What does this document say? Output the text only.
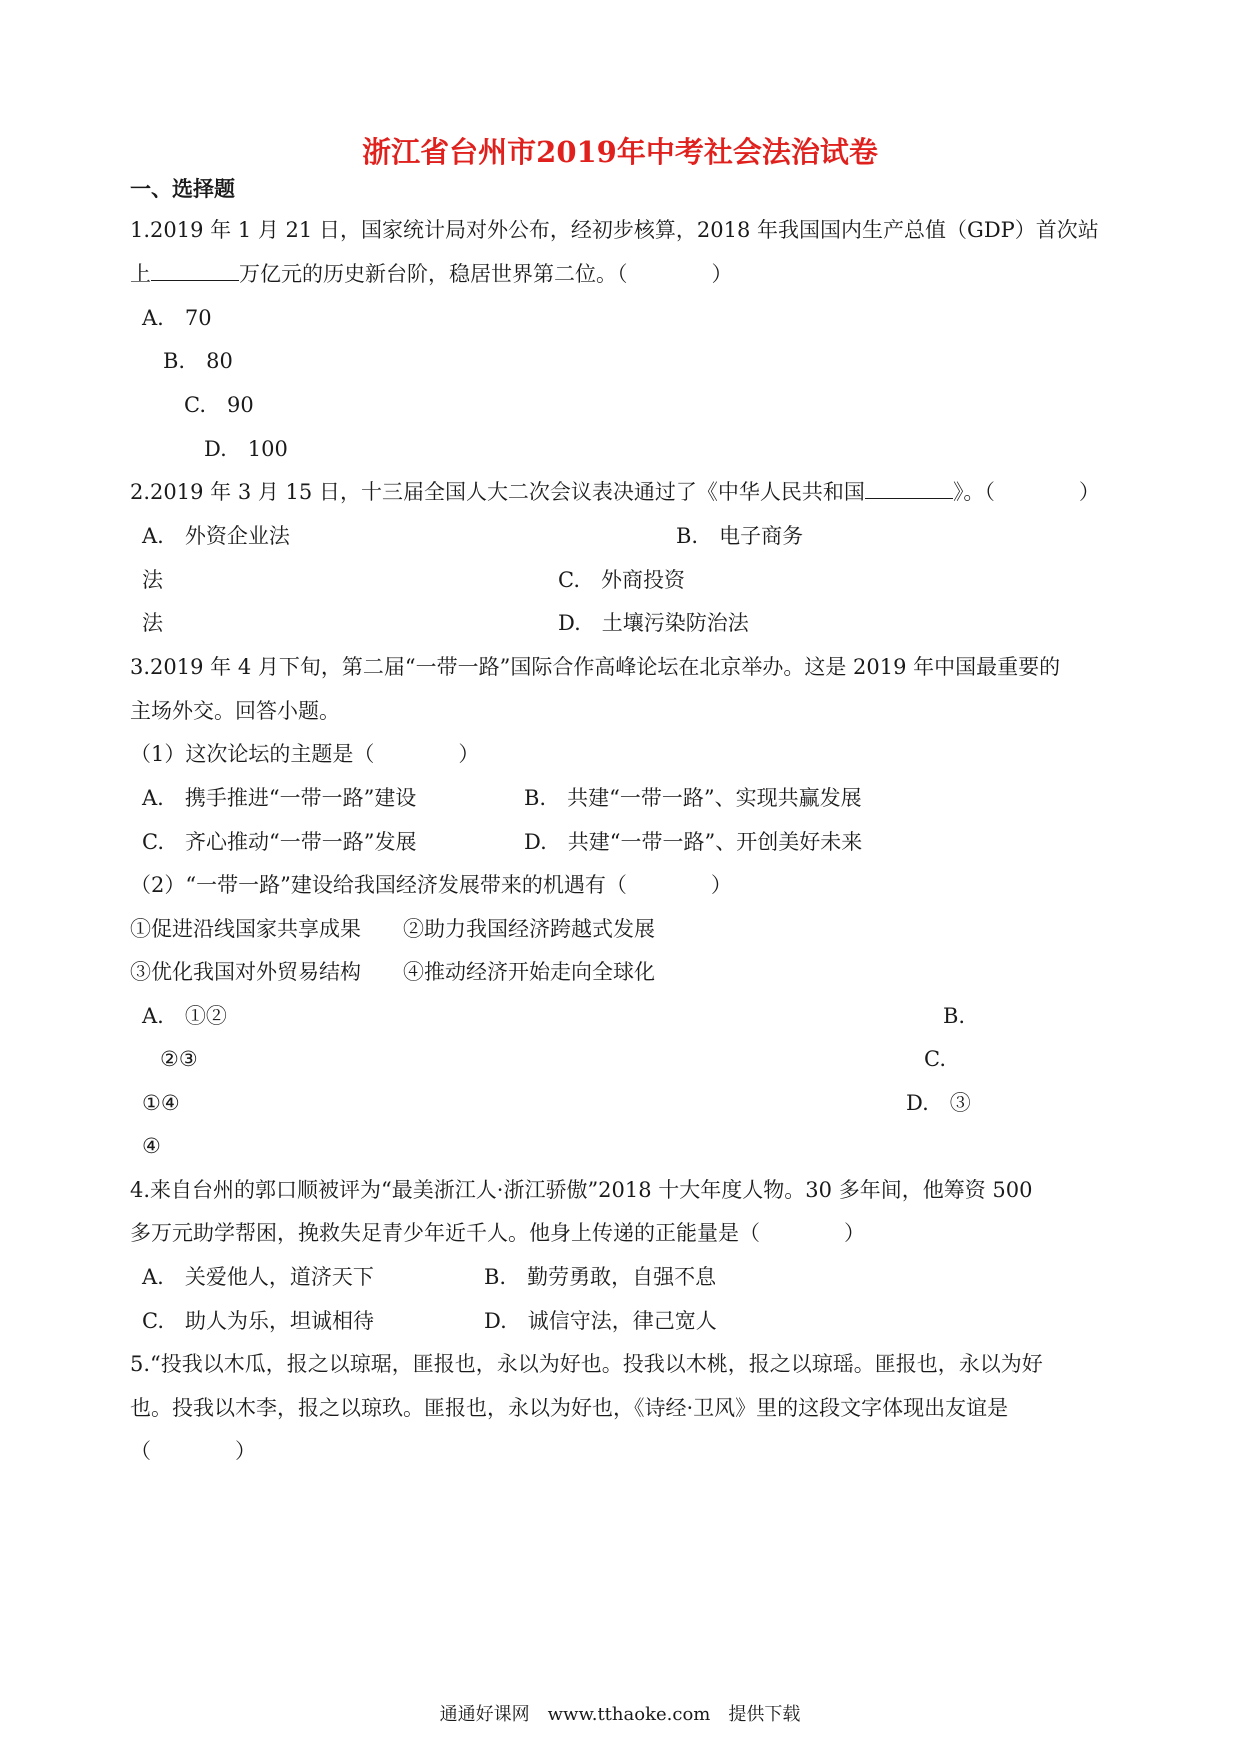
浙江省台州市2019年中考社会法治试卷
一、选择题
1.2019 年 1 月 21 日，国家统计局对外公布，经初步核算，2018 年我国国内生产总值（GDP）首次站
上	万亿元的历史新台阶，稳居世界第二位。（　　　　）
A.　70
B.　80
C.　90
D.　100
2.2019 年 3 月 15 日，十三届全国人大二次会议表决通过了《中华人民共和国	》。（　　　　）
A.　外资企业法	B.　电子商务
法	C.　外商投资
法	D.　土壤污染防治法
3.2019 年 4 月下旬，第二届“一带一路”国际合作高峰论坛在北京举办。这是 2019 年中国最重要的
主场外交。回答小题。
（1）这次论坛的主题是（　　　　）
A.　携手推进“一带一路”建设	B.　共建“一带一路”、实现共赢发展
C.　齐心推动“一带一路”发展	D.　共建“一带一路”、开创美好未来
（2）“一带一路”建设给我国经济发展带来的机遇有（　　　　）
①促进沿线国家共享成果　　②助力我国经济跨越式发展
③优化我国对外贸易结构　　④推动经济开始走向全球化
A.　①②	B.
②③	C.
①④	D.　③
④
4.来自台州的郭口顺被评为“最美浙江人·浙江骄傲”2018 十大年度人物。30 多年间，他筹资 500
多万元助学帮困，挽救失足青少年近千人。他身上传递的正能量是（　　　　）
A.　关爱他人，道济天下	B.　勤劳勇敢，自强不息
C.　助人为乐，坦诚相待	D.　诚信守法，律己宽人
5.“投我以木瓜，报之以琼琚，匪报也，永以为好也。投我以木桃，报之以琼瑶。匪报也，永以为好
也。投我以木李，报之以琼玖。匪报也，永以为好也，《诗经·卫风》里的这段文字体现出友谊是
（　　　　）
通通好课网　www.tthaoke.com　提供下载
